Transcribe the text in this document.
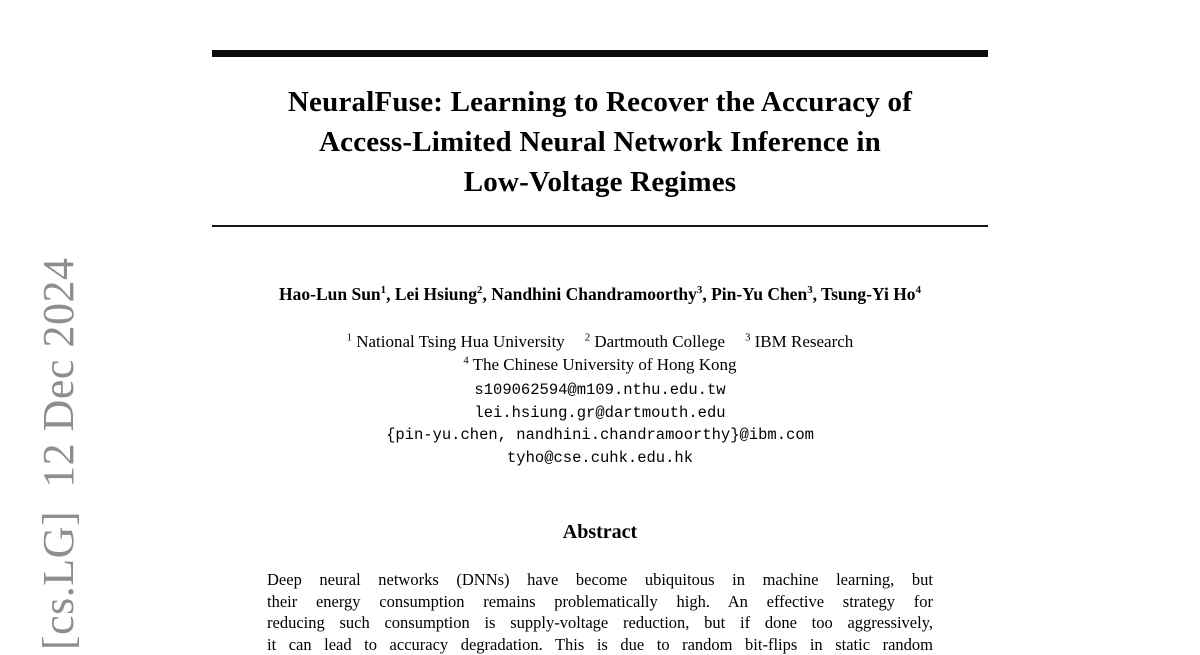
[cs.LG]  12 Dec 2024
NeuralFuse: Learning to Recover the Accuracy of
Access-Limited Neural Network Inference in
Low-Voltage Regimes
Hao-Lun Sun$^1$, Lei Hsiung$^2$, Nandhini Chandramoorthy$^3$, Pin-Yu Chen$^3$, Tsung-Yi Ho$^4$
$^1$ National Tsing Hua University $^2$ Dartmouth College $^3$ IBM Research
$^4$ The Chinese University of Hong Kong
s109062594@m109.nthu.edu.tw
lei.hsiung.gr@dartmouth.edu
{pin-yu.chen, nandhini.chandramoorthy}@ibm.com
tyho@cse.cuhk.edu.hk
Abstract
Deep neural networks (DNNs) have become ubiquitous in machine learning, but
their energy consumption remains problematically high. An effective strategy for
reducing such consumption is supply-voltage reduction, but if done too aggressively,
it can lead to accuracy degradation. This is due to random bit-flips in static random
